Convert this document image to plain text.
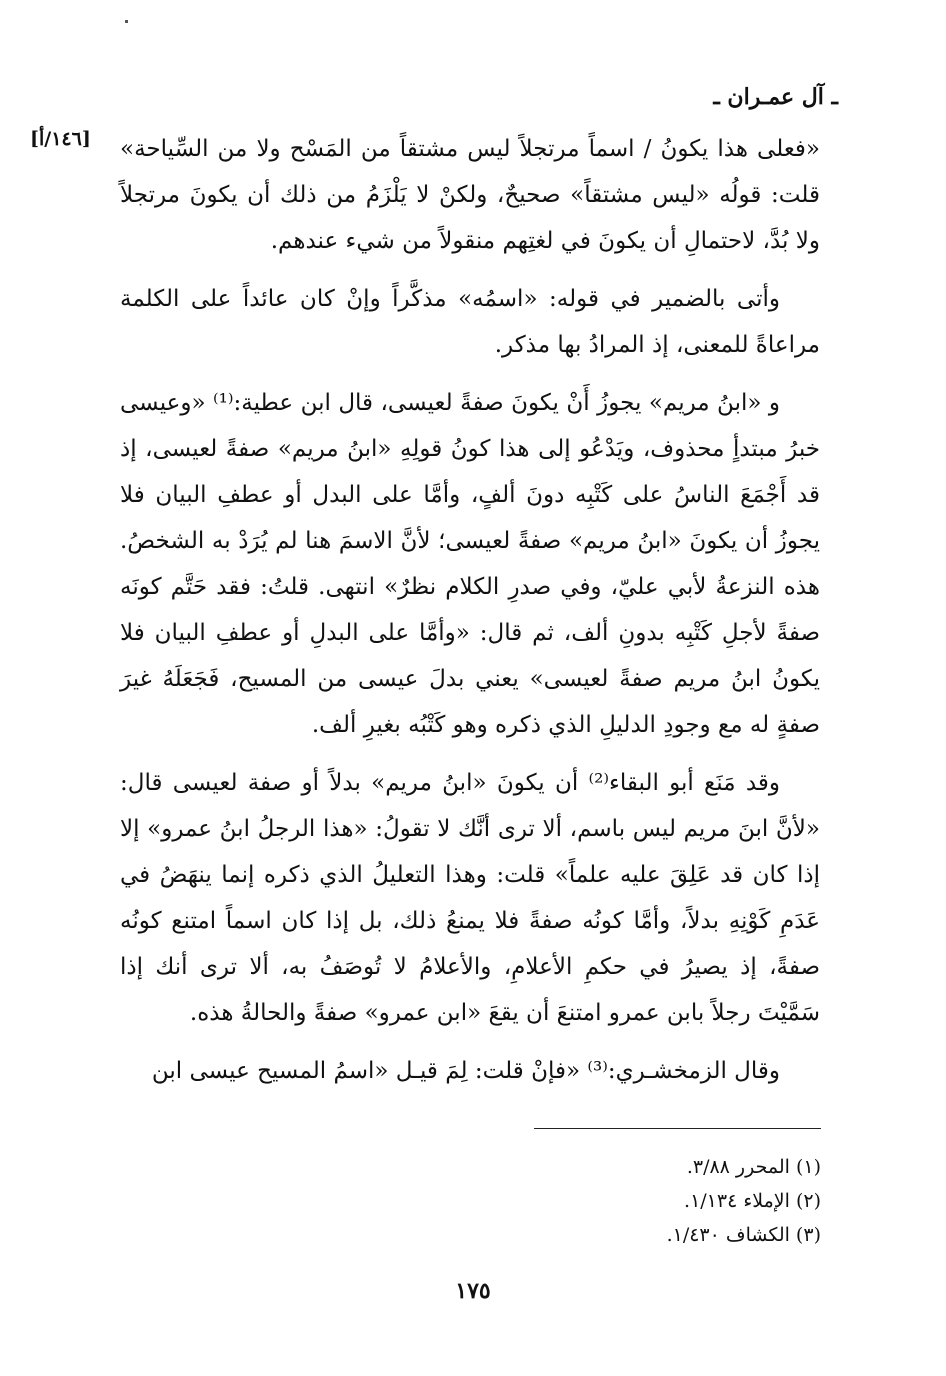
ـ آل عمـران ـ
[١٤٦/أ]	«فعلى هذا يكونُ / اسماً مرتجلاً ليس مشتقاً من المَسْح ولا من السِّياحة» قلت: قولُه «ليس مشتقاً» صحيحٌ، ولكنْ لا يَلْزَمُ من ذلك أن يكونَ مرتجلاً ولا بُدَّ، لاحتمالِ أن يكونَ في لغتِهم منقولاً من شيء عندهم.

وأتى بالضمير في قوله: «اسمُه» مذكَّراً وإنْ كان عائداً على الكلمة مراعاةً للمعنى، إذ المرادُ بها مذكر.

و «ابنُ مريم» يجوزُ أَنْ يكونَ صفةً لعيسى، قال ابن عطية:⁽¹⁾ «وعيسى خبرُ مبتدأٍ محذوف، ويَدْعُو إلى هذا كونُ قولِهِ «ابنُ مريم» صفةً لعيسى، إذ قد أَجْمَعَ الناسُ على كَتْبِه دونَ ألفٍ، وأمَّا على البدل أو عطفِ البيان فلا يجوزُ أن يكونَ «ابنُ مريم» صفةً لعيسى؛ لأنَّ الاسمَ هنا لم يُرَدْ به الشخصُ. هذه النزعةُ لأبي عليّ، وفي صدرِ الكلام نظرٌ» انتهى. قلتُ: فقد حَتَّم كونَه صفةً لأجلِ كَتْبِه بدونِ ألف، ثم قال: «وأمَّا على البدلِ أو عطفِ البيان فلا يكونُ ابنُ مريم صفةً لعيسى» يعني بدلَ عيسى من المسيح، فَجَعَلَهُ غيرَ صفةٍ له مع وجودِ الدليلِ الذي ذكره وهو كَتْبُه بغيرِ ألف.

وقد مَنَع أبو البقاء⁽²⁾ أن يكونَ «ابنُ مريم» بدلاً أو صفة لعيسى قال: «لأنَّ ابنَ مريم ليس باسم، ألا ترى أنَّك لا تقولُ: «هذا الرجلُ ابنُ عمرو» إلا إذا كان قد عَلِقَ عليه علماً» قلت: وهذا التعليلُ الذي ذكره إنما ينهَضُ في عَدَمِ كَوْنِهِ بدلاً، وأمَّا كونُه صفةً فلا يمنعُ ذلك، بل إذا كان اسماً امتنع كونُه صفةً، إذ يصيرُ في حكمِ الأعلامِ، والأعلامُ لا تُوصَفُ به، ألا ترى أنك إذا سَمَّيْتَ رجلاً بابن عمرو امتنعَ أن يقعَ «ابن عمرو» صفةً والحالةُ هذه.

وقال الزمخشـري:⁽³⁾ «فإنْ قلت: لِمَ قيـل «اسمُ المسيح عيسى ابن

(١) المحرر ٣/٨٨.

(٢) الإملاء ١/١٣٤.

(٣) الكشاف ١/٤٣٠.

١٧٥
